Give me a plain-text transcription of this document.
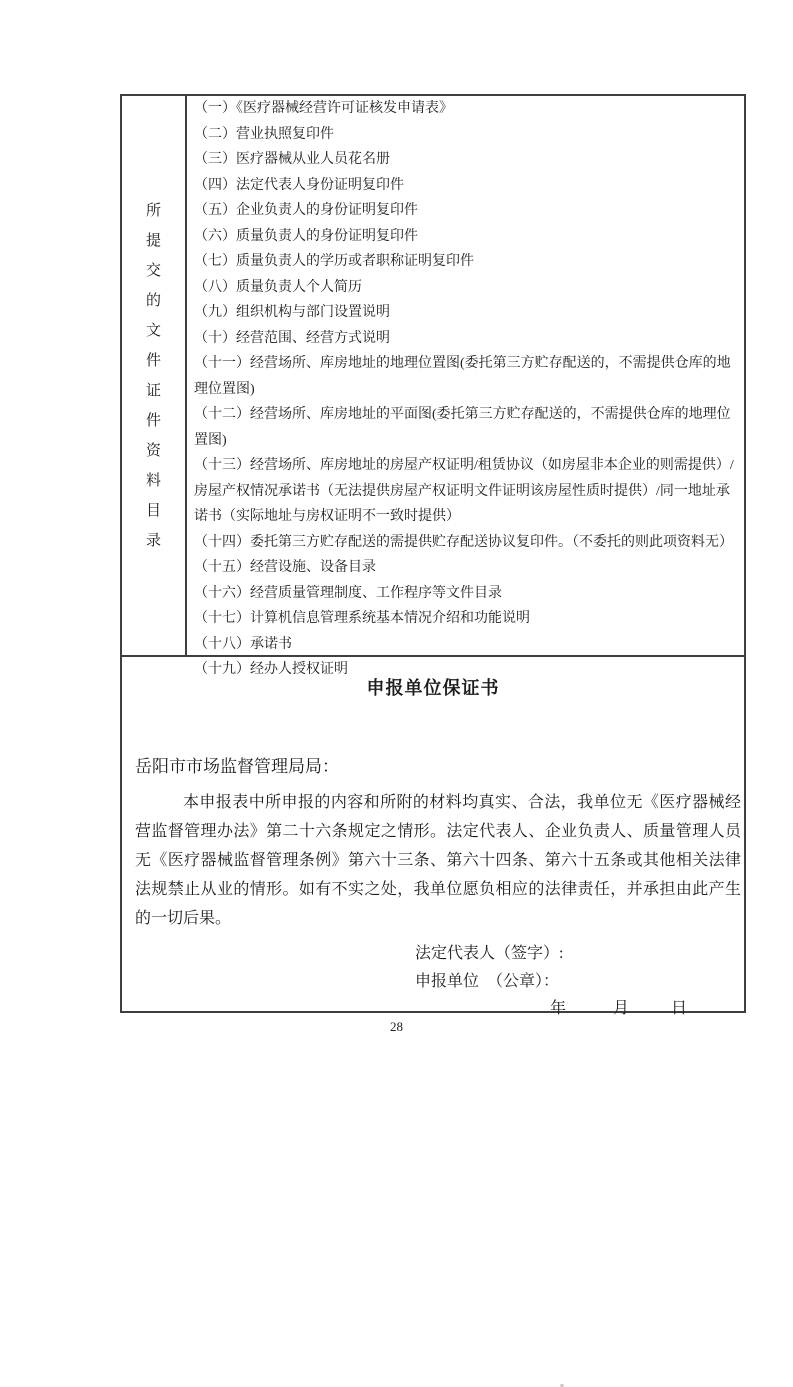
所
提
交
的
文
件
证
件
资
料
目
录

（一）《医疗器械经营许可证核发申请表》

（二）营业执照复印件

（三）医疗器械从业人员花名册

（四）法定代表人身份证明复印件

（五）企业负责人的身份证明复印件

（六）质量负责人的身份证明复印件

（七）质量负责人的学历或者职称证明复印件

（八）质量负责人个人简历

（九）组织机构与部门设置说明

（十）经营范围、经营方式说明

（十一）经营场所、库房地址的地理位置图(委托第三方贮存配送的，不需提供仓库的地理位置图)

（十二）经营场所、库房地址的平面图(委托第三方贮存配送的，不需提供仓库的地理位置图)

（十三）经营场所、库房地址的房屋产权证明/租赁协议（如房屋非本企业的则需提供）/房屋产权情况承诺书（无法提供房屋产权证明文件证明该房屋性质时提供）/同一地址承诺书（实际地址与房权证明不一致时提供）

（十四）委托第三方贮存配送的需提供贮存配送协议复印件。（不委托的则此项资料无）

（十五）经营设施、设备目录

（十六）经营质量管理制度、工作程序等文件目录

（十七）计算机信息管理系统基本情况介绍和功能说明

（十八）承诺书

（十九）经办人授权证明

申报单位保证书
岳阳市市场监督管理局局：
本申报表中所申报的内容和所附的材料均真实、合法，我单位无《医疗器械经营监督管理办法》第二十六条规定之情形。法定代表人、企业负责人、质量管理人员无《医疗器械监督管理条例》第六十三条、第六十四条、第六十五条或其他相关法律法规禁止从业的情形。如有不实之处，我单位愿负相应的法律责任，并承担由此产生的一切后果。
法定代表人（签字）:
申报单位　（公章）：
年	月	日
28
